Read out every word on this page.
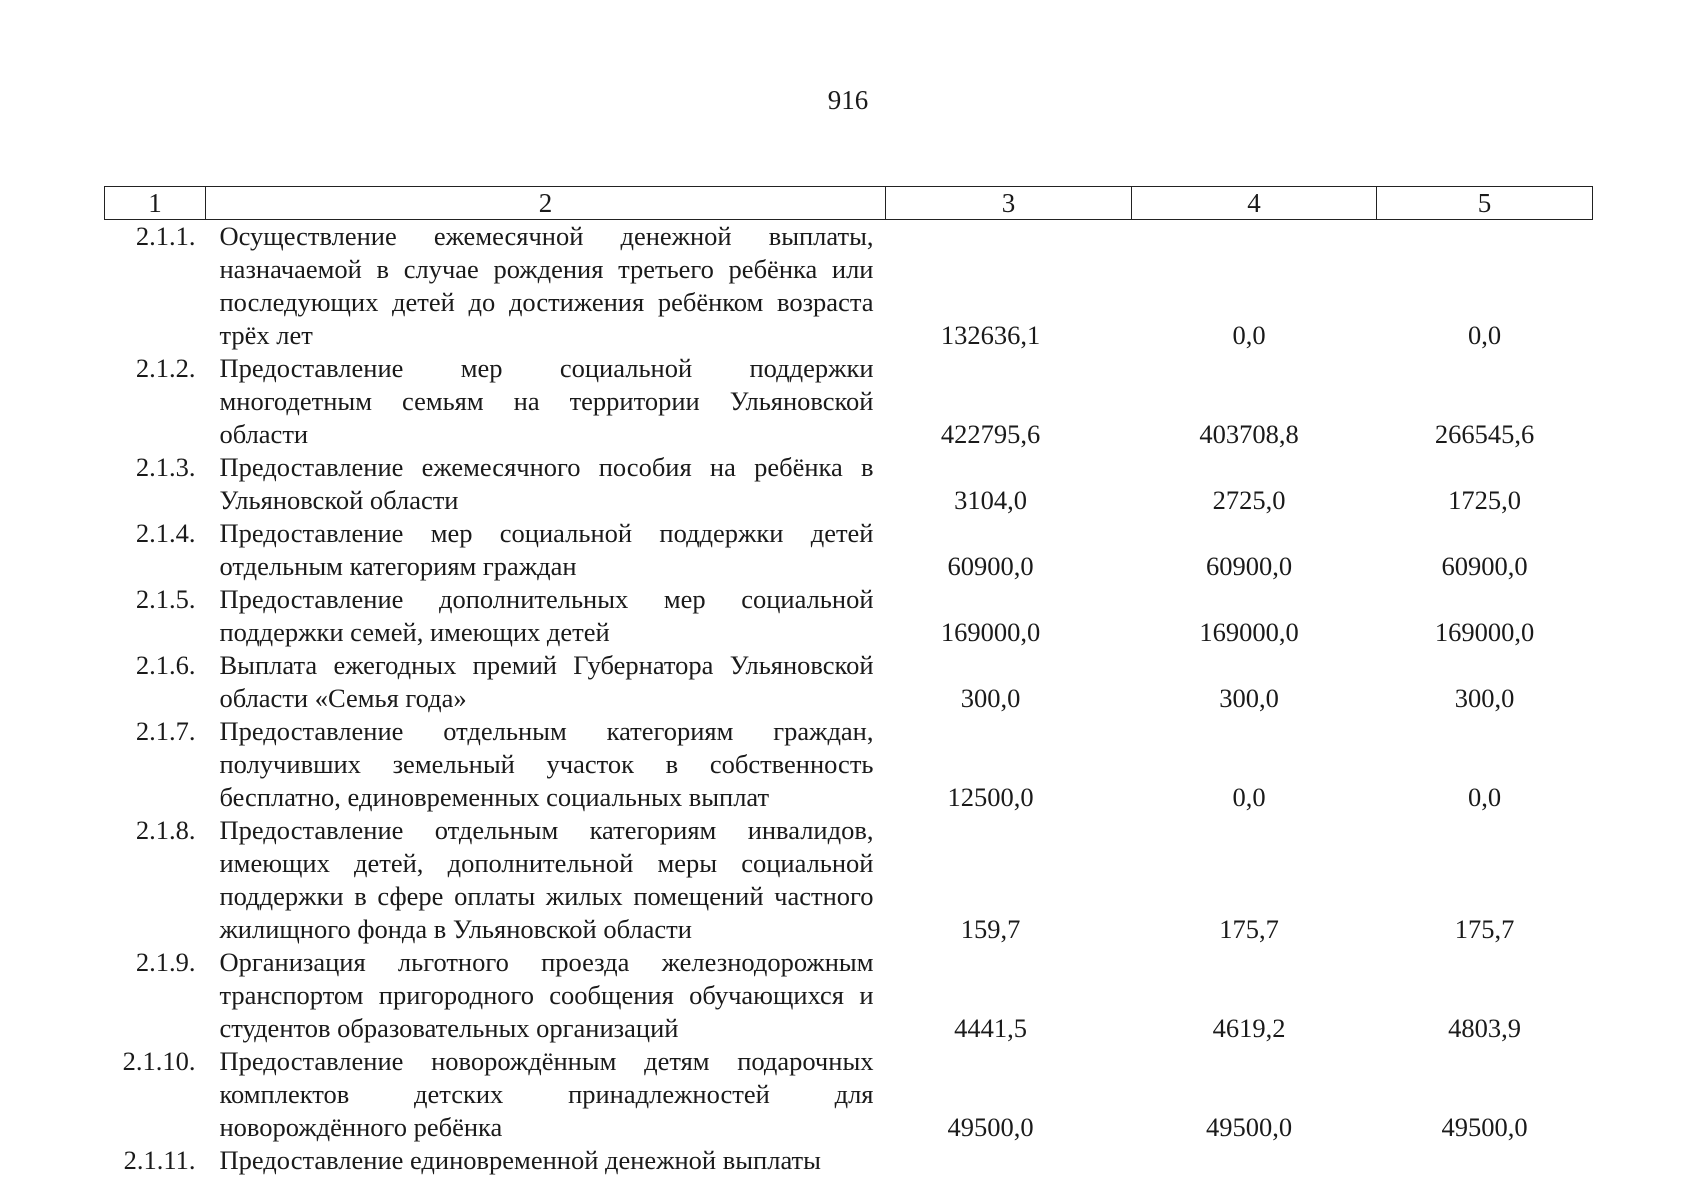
916
1	2	3	4	5
2.1.1.	Осуществление ежемесячной денежной выплаты, назначаемой в случае рождения третьего ребёнка или последующих детей до достижения ребёнком возраста трёх лет	132636,1	0,0	0,0
2.1.2.	Предоставление мер социальной поддержки многодетным семьям на территории Ульяновской области	422795,6	403708,8	266545,6
2.1.3.	Предоставление ежемесячного пособия на ребёнка в Ульяновской области	3104,0	2725,0	1725,0
2.1.4.	Предоставление мер социальной поддержки детей отдельным категориям граждан	60900,0	60900,0	60900,0
2.1.5.	Предоставление дополнительных мер социальной поддержки семей, имеющих детей	169000,0	169000,0	169000,0
2.1.6.	Выплата ежегодных премий Губернатора Ульяновской области «Семья года»	300,0	300,0	300,0
2.1.7.	Предоставление отдельным категориям граждан, получивших земельный участок в собственность бесплатно, единовременных социальных выплат	12500,0	0,0	0,0
2.1.8.	Предоставление отдельным категориям инвалидов, имеющих детей, дополнительной меры социальной поддержки в сфере оплаты жилых помещений частного жилищного фонда в Ульяновской области	159,7	175,7	175,7
2.1.9.	Организация льготного проезда железнодорожным транспортом пригородного сообщения обучающихся и студентов образовательных организаций	4441,5	4619,2	4803,9
2.1.10.	Предоставление новорождённым детям подарочных комплектов детских принадлежностей для новорождённого ребёнка	49500,0	49500,0	49500,0
2.1.11.	Предоставление единовременной денежной выплаты			
